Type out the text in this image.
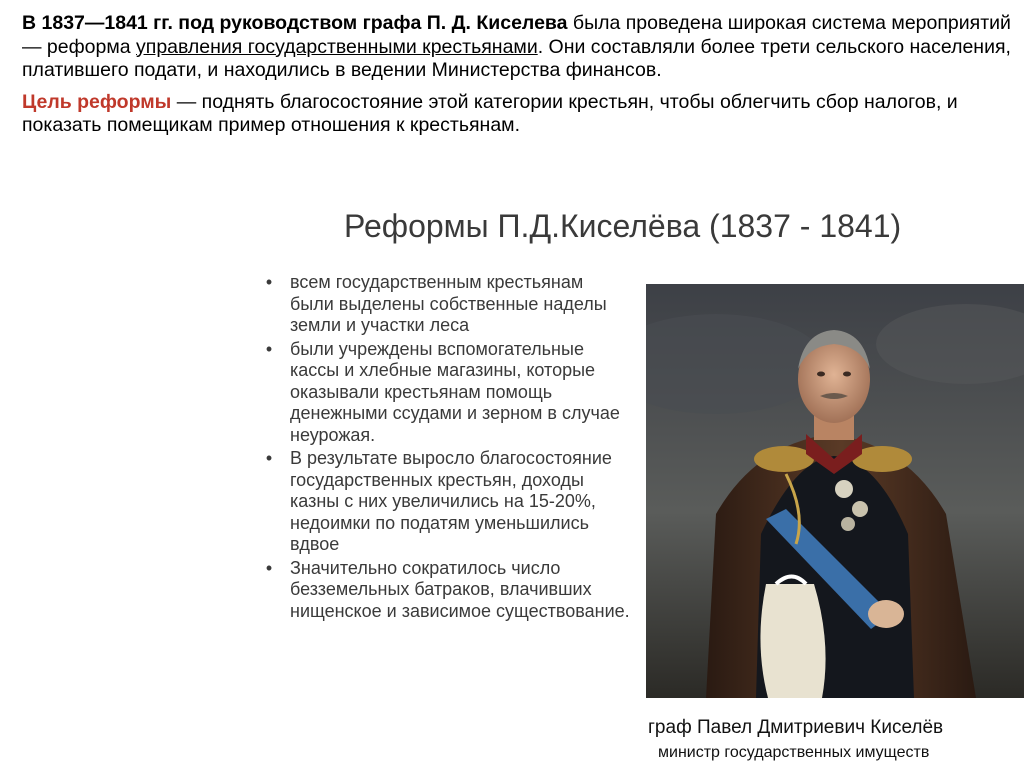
В 1837—1841 гг. под руководством графа П. Д. Киселева была проведена широкая система мероприятий — реформа управления государственными крестьянами. Они составляли более трети сельского населения, платившего подати, и находились в ведении Министерства финансов.

Цель реформы — поднять благосостояние этой категории крестьян, чтобы облегчить сбор налогов, и показать помещикам пример отношения к крестьянам.

Реформы П.Д.Киселёва (1837 - 1841)
• всем государственным крестьянам были выделены собственные наделы земли и участки леса
• были учреждены вспомогательные кассы и хлебные магазины, которые оказывали крестьянам помощь денежными ссудами и зерном в случае неурожая.
• В результате выросло благосостояние государственных крестьян, доходы казны с них увеличились на 15-20%, недоимки по податям уменьшились вдвое
• Значительно сократилось число безземельных батраков, влачивших нищенское и зависимое существование.
граф Павел Дмитриевич Киселёв
министр государственных имуществ
